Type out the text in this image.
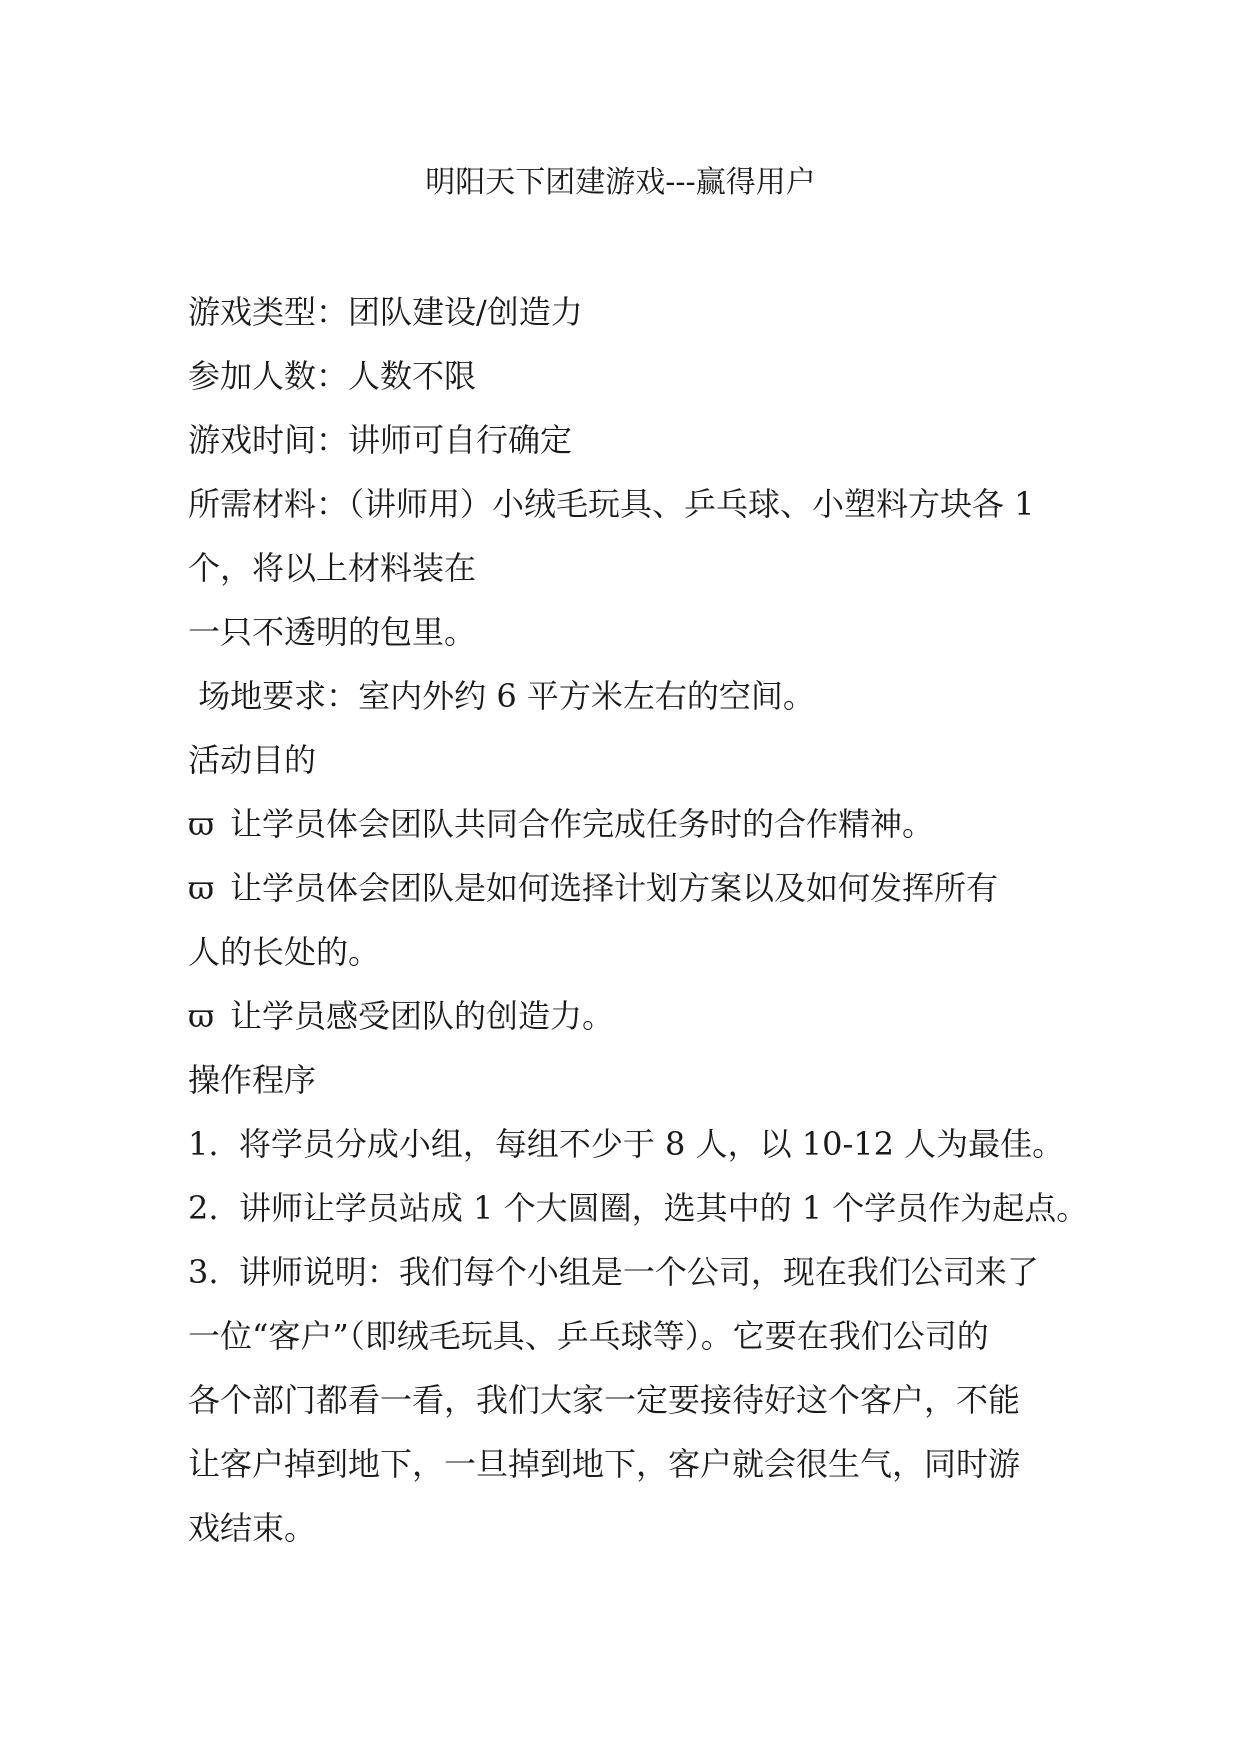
明阳天下团建游戏---赢得用户
游戏类型：团队建设/创造力
参加人数：人数不限
游戏时间：讲师可自行确定
所需材料：（讲师用）小绒毛玩具、乒乓球、小塑料方块各 1
个，将以上材料装在
一只不透明的包里。
场地要求：室内外约 6 平方米左右的空间。
活动目的
ϖ 让学员体会团队共同合作完成任务时的合作精神。
ϖ 让学员体会团队是如何选择计划方案以及如何发挥所有
人的长处的。
ϖ 让学员感受团队的创造力。
操作程序
1.  将学员分成小组，每组不少于 8 人，以 10-12 人为最佳。
2.  讲师让学员站成 1 个大圆圈，选其中的 1 个学员作为起点。
3.  讲师说明：我们每个小组是一个公司，现在我们公司来了
一位“客户”（即绒毛玩具、乒乓球等）。它要在我们公司的
各个部门都看一看，我们大家一定要接待好这个客户，不能
让客户掉到地下，一旦掉到地下，客户就会很生气，同时游
戏结束。
